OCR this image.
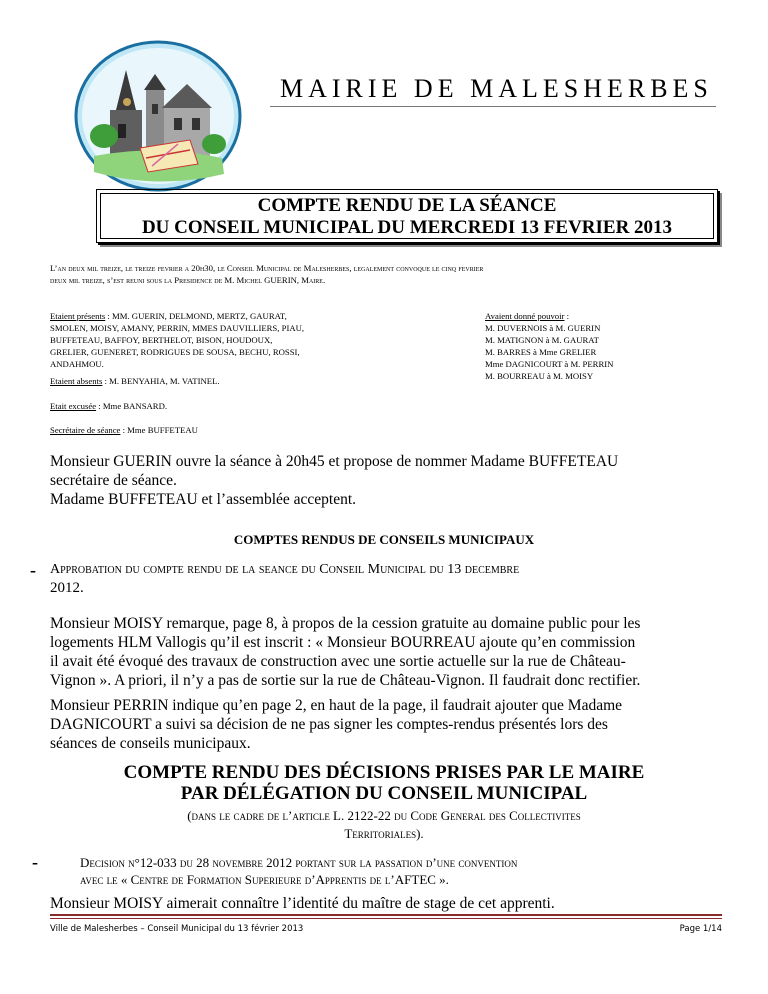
MAIRIE DE MALESHERBES
COMPTE RENDU DE LA SÉANCE
DU CONSEIL MUNICIPAL DU MERCREDI 13 FEVRIER 2013
L’an deux mil treize, le treize fevrier a 20h30, le Conseil Municipal de Malesherbes, legalement convoque le cinq fevrier
deux mil treize, s’est reuni sous la Presidence de M. Michel GUERIN, Maire.
Etaient présents : MM. GUERIN, DELMOND, MERTZ, GAURAT,
SMOLEN, MOISY, AMANY, PERRIN, MMES DAUVILLIERS, PIAU,
BUFFETEAU, BAFFOY, BERTHELOT, BISON, HOUDOUX,
GRELIER, GUENERET, RODRIGUES DE SOUSA, BECHU, ROSSI,
ANDAHMOU.
Avaient donné pouvoir :
M. DUVERNOIS à M. GUERIN
M. MATIGNON à M. GAURAT
M. BARRES à Mme GRELIER
Mme DAGNICOURT à M. PERRIN
M. BOURREAU à M. MOISY
Etaient absents : M. BENYAHIA, M. VATINEL.
Etait excusée : Mme BANSARD.
Secrétaire de séance : Mme BUFFETEAU
Monsieur GUERIN ouvre la séance à 20h45 et propose de nommer Madame BUFFETEAU
secrétaire de séance.
Madame BUFFETEAU et l’assemblée acceptent.
COMPTES RENDUS DE CONSEILS MUNICIPAUX
- Approbation du compte rendu de la seance du Conseil Municipal du 13 decembre
2012.
Monsieur MOISY remarque, page 8, à propos de la cession gratuite au domaine public pour les
logements HLM Vallogis qu’il est inscrit : « Monsieur BOURREAU ajoute qu’en commission
il avait été évoqué des travaux de construction avec une sortie actuelle sur la rue de Château-
Vignon ». A priori, il n’y a pas de sortie sur la rue de Château-Vignon. Il faudrait donc rectifier.
Monsieur PERRIN indique qu’en page 2, en haut de la page, il faudrait ajouter que Madame
DAGNICOURT a suivi sa décision de ne pas signer les comptes-rendus présentés lors des
séances de conseils municipaux.
COMPTE RENDU DES DÉCISIONS PRISES PAR LE MAIRE
PAR DÉLÉGATION DU CONSEIL MUNICIPAL
(dans le cadre de l’article L. 2122-22 du Code General des Collectivites
Territoriales).
-	Decision n°12-033 du 28 novembre 2012 portant sur la passation d’une convention
avec le « Centre de Formation Superieure d’Apprentis de l’AFTEC ».
Monsieur MOISY aimerait connaître l’identité du maître de stage de cet apprenti.
Ville de Malesherbes – Conseil Municipal du 13 février 2013	Page 1/14
